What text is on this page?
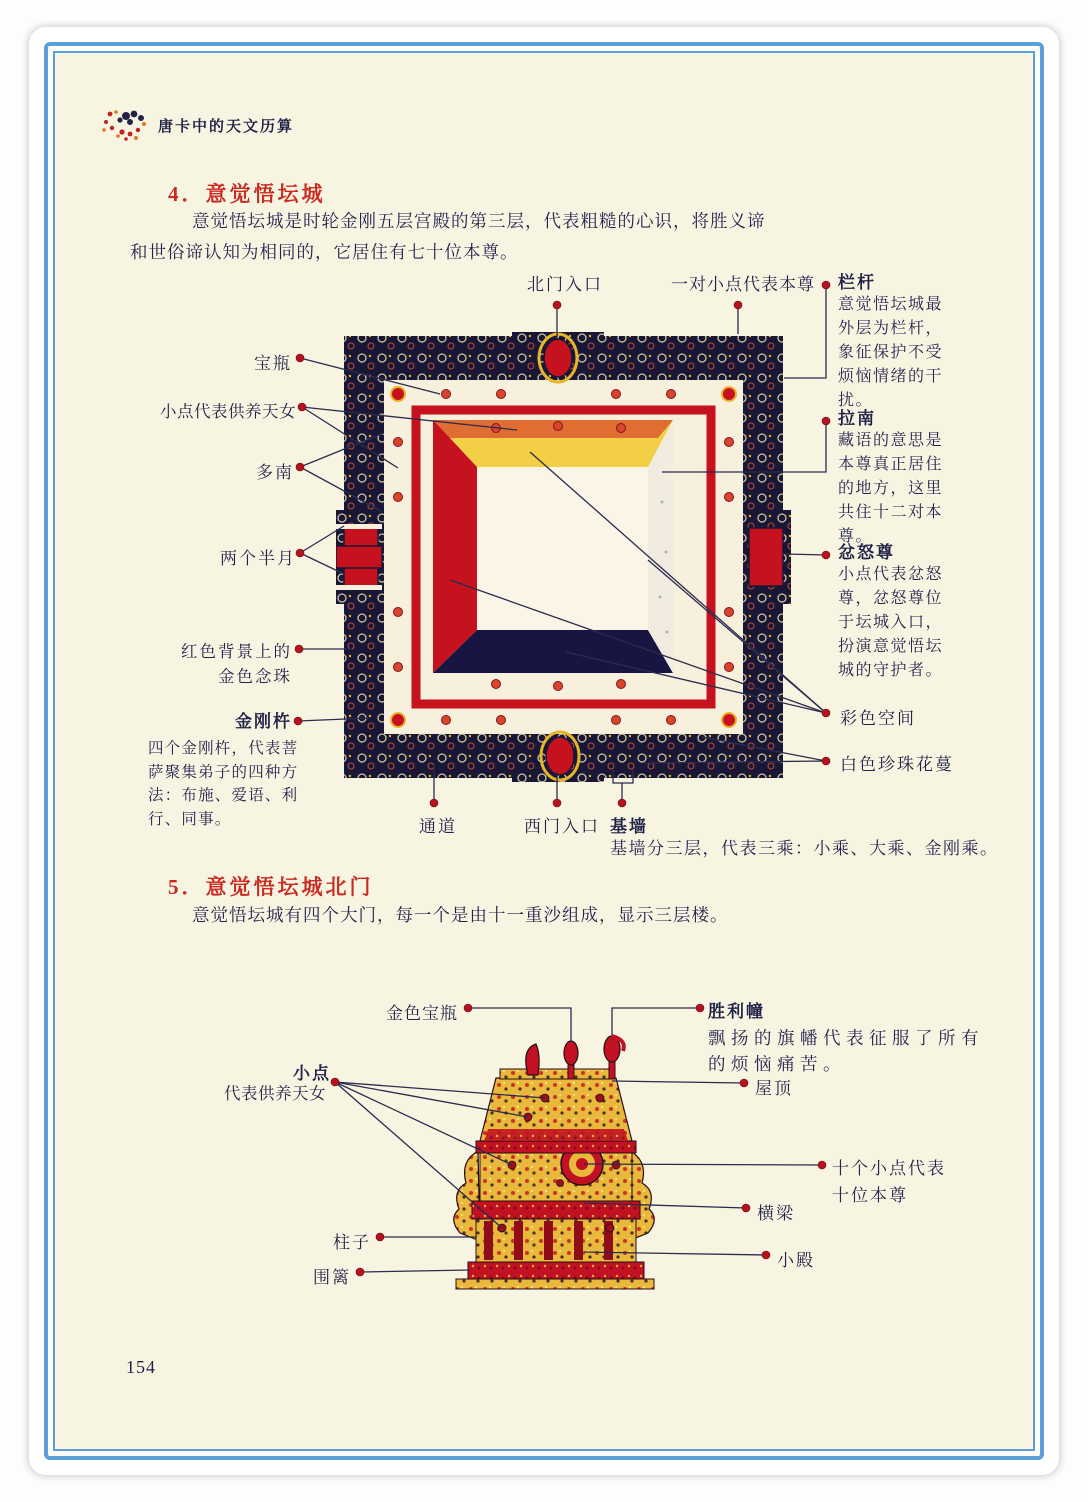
唐卡中的天文历算
4．意觉悟坛城
意觉悟坛城是时轮金刚五层宫殿的第三层，代表粗糙的心识，将胜义谛和世俗谛认知为相同的，它居住有七十位本尊。
北门入口	一对小点代表本尊 栏杆
意觉悟坛城最外层为栏杆，象征保护不受烦恼情绪的干扰。
拉南
藏语的意思是本尊真正居住的地方，这里共住十二对本尊。
忿怒尊
小点代表忿怒尊，忿怒尊位于坛城入口，扮演意觉悟坛城的守护者。
彩色空间
白色珍珠花蔓
宝瓶
小点代表供养天女
多南
两个半月
红色背景上的
金色念珠
金刚杵
四个金刚杵，代表菩萨聚集弟子的四种方法：布施、爱语、利行、同事。	通道	西门入口 基墙
基墙分三层，代表三乘：小乘、大乘、金刚乘。
5．意觉悟坛城北门
意觉悟坛城有四个大门，每一个是由十一重沙组成，显示三层楼。
金色宝瓶	胜利幢
飘扬的旗幡代表征服了所有的烦恼痛苦。
小点
代表供养天女	屋顶
十个小点代表十位本尊
横梁
柱子
小殿
围篱
154
